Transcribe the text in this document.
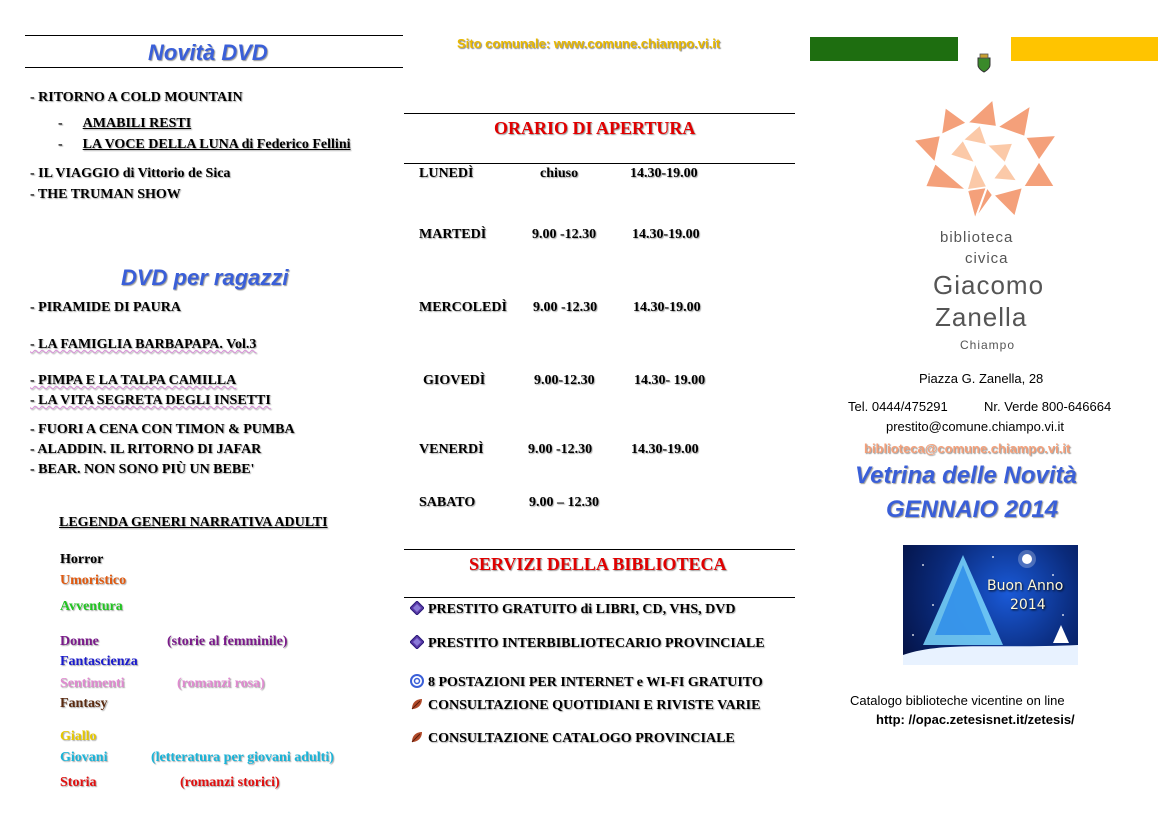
Novità DVD
- RITORNO A COLD MOUNTAIN
- AMABILI RESTI
- LA VOCE DELLA LUNA di Federico Fellini
- IL VIAGGIO di Vittorio de Sica
- THE TRUMAN SHOW
DVD per ragazzi
- PIRAMIDE DI PAURA
- LA FAMIGLIA BARBAPAPA. Vol.3
- PIMPA E LA TALPA CAMILLA
- LA VITA SEGRETA DEGLI INSETTI
- FUORI A CENA CON TIMON & PUMBA
- ALADDIN. IL RITORNO DI JAFAR
- BEAR. NON SONO PIÙ UN BEBE'
LEGENDA GENERI NARRATIVA ADULTI
Horror
Umoristico
Avventura
Donne	(storie al femminile)
Fantascienza
Sentimenti	(romanzi rosa)
Fantasy
Giallo
Giovani	(letteratura per giovani adulti)
Storia	(romanzi storici)
Sito comunale: www.comune.chiampo.vi.it
ORARIO DI APERTURA
LUNEDÌ	chiuso	14.30-19.00
MARTEDÌ	9.00 -12.30	14.30-19.00
MERCOLEDÌ 9.00 -12.30	14.30-19.00
GIOVEDÌ	9.00-12.30	14.30- 19.00
VENERDÌ	9.00 -12.30	14.30-19.00
SABATO	9.00 – 12.30
SERVIZI DELLA BIBLIOTECA
PRESTITO GRATUITO di LIBRI, CD, VHS, DVD
PRESTITO INTERBIBLIOTECARIO PROVINCIALE
8 POSTAZIONI PER INTERNET e WI-FI GRATUITO
CONSULTAZIONE QUOTIDIANI E RIVISTE VARIE
CONSULTAZIONE CATALOGO PROVINCIALE
biblioteca
civica
Giacomo
Zanella
Chiampo
Piazza G. Zanella, 28
Tel. 0444/475291	Nr. Verde 800-646664
prestito@comune.chiampo.vi.it
biblioteca@comune.chiampo.vi.it
Vetrina delle Novità
GENNAIO 2014
Buon Anno
2014
Catalogo biblioteche vicentine on line
http: //opac.zetesisnet.it/zetesis/
